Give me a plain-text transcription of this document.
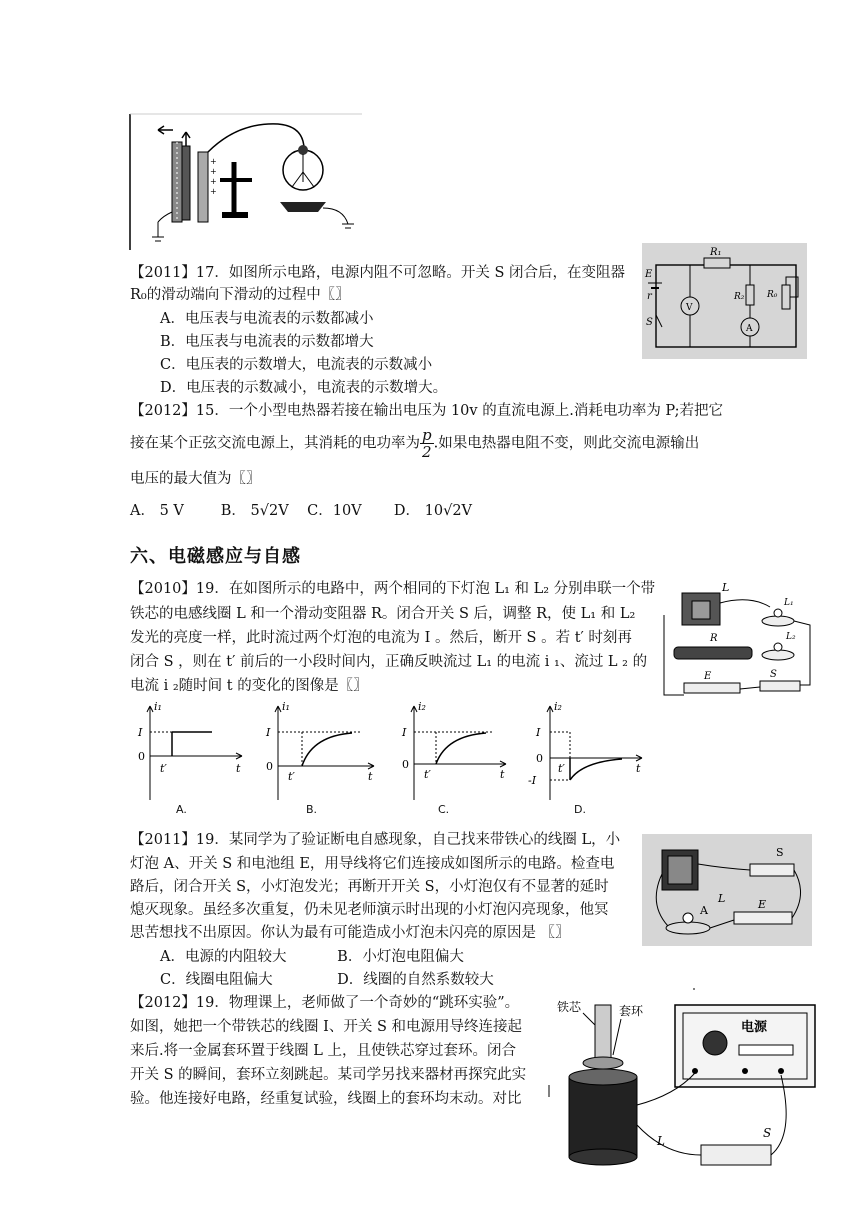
+
+
+
+
R₁
E
r
S
V
R₂
A
R₀
【2011】17．如图所示电路，电源内阻不可忽略。开关 S 闭合后，在变阻器
R₀的滑动端向下滑动的过程中〖〗
A．电压表与电流表的示数都减小
B．电压表与电流表的示数都增大
C．电压表的示数增大，电流表的示数减小
D．电压表的示数减小，电流表的示数增大。
【2012】15．一个小型电热器若接在输出电压为 10v 的直流电源上.消耗电功率为 P;若把它
接在某个正弦交流电源上，其消耗的电功率为 $\frac{p}{2}$ .如果电热器电阻不变，则此交流电源输出
电压的最大值为〖〗
A． 5 V        B． 5√2V    C．10V       D． 10√2V
六、电磁感应与自感
L
L₁
R	L₂
E	S
【2010】19．在如图所示的电路中，两个相同的下灯泡 L₁ 和 L₂ 分别串联一个带
铁芯的电感线圈 L 和一个滑动变阻器 R。闭合开关 S 后，调整 R，使 L₁ 和 L₂
发光的亮度一样，此时流过两个灯泡的电流为 I 。然后，断开 S 。若 t′ 时刻再
闭合 S ，则在 t′ 前后的一小段时间内，正确反映流过 L₁ 的电流 i ₁、流过 L ₂ 的
电流 i ₂随时间 t 的变化的图像是〖〗
i₁
I
0
t′	t
A.
i₁
I
0
t′	t
B.
i₂
I
0
t′	t
C.
i₂
I
0
-I
t′	t
D.
L
S
A	E
【2011】19．某同学为了验证断电自感现象，自己找来带铁心的线圈 L，小
灯泡 A、开关 S 和电池组 E，用导线将它们连接成如图所示的电路。检查电
路后，闭合开关 S，小灯泡发光；再断开开关 S，小灯泡仅有不显著的延时
熄灭现象。虽经多次重复，仍未见老师演示时出现的小灯泡闪亮现象，他冥
思苦想找不出原因。你认为最有可能造成小灯泡未闪亮的原因是 〖〗
A．电源的内阻较大           B．小灯泡电阻偏大
C．线圈电阻偏大              D．线圈的自然系数较大
【2012】19．物理课上，老师做了一个奇妙的“跳环实验”。
如图，她把一个带铁芯的线圈 I、开关 S 和电源用导终连接起
来后.将一金属套环置于线圈 L 上，且使铁芯穿过套环。闭合
开关 S 的瞬间，套环立刻跳起。某司学另找来器材再探究此实
验。他连接好电路，经重复试验，线圈上的套环均末动。对比
铁芯	套环
L
电源
S
